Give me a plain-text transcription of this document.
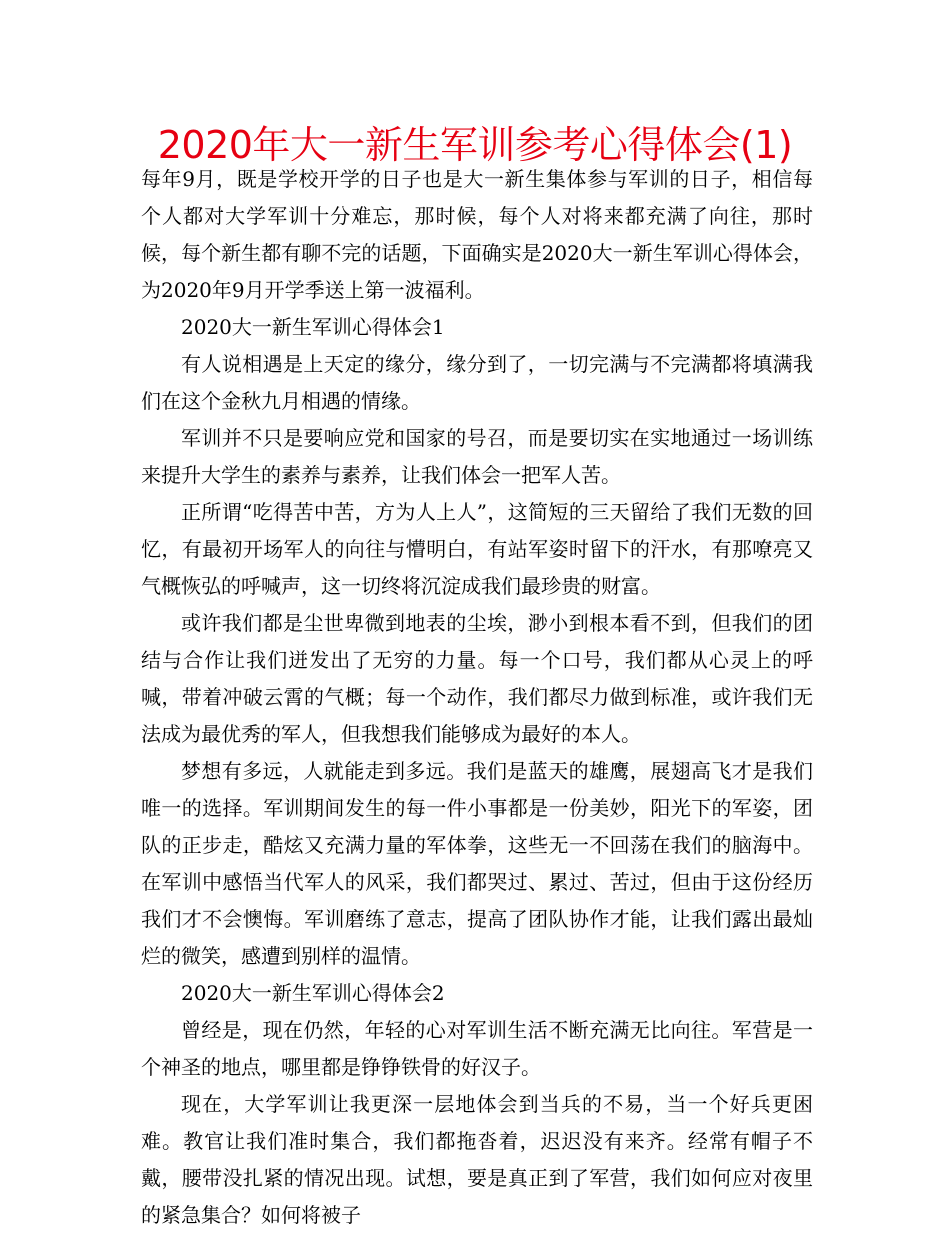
2020年大一新生军训参考心得体会(1)

每年9月，既是学校开学的日子也是大一新生集体参与军训的日子，相信每个人都对大学军训十分难忘，那时候，每个人对将来都充满了向往，那时候，每个新生都有聊不完的话题，下面确实是2020大一新生军训心得体会，为2020年9月开学季送上第一波福利。

2020大一新生军训心得体会1

有人说相遇是上天定的缘分，缘分到了，一切完满与不完满都将填满我们在这个金秋九月相遇的情缘。

军训并不只是要响应党和国家的号召，而是要切实在实地通过一场训练来提升大学生的素养与素养，让我们体会一把军人苦。

正所谓“吃得苦中苦，方为人上人”，这简短的三天留给了我们无数的回忆，有最初开场军人的向往与懵明白，有站军姿时留下的汗水，有那嘹亮又气概恢弘的呼喊声，这一切终将沉淀成我们最珍贵的财富。

或许我们都是尘世卑微到地表的尘埃，渺小到根本看不到，但我们的团结与合作让我们迸发出了无穷的力量。每一个口号，我们都从心灵上的呼喊，带着冲破云霄的气概；每一个动作，我们都尽力做到标准，或许我们无法成为最优秀的军人，但我想我们能够成为最好的本人。

梦想有多远，人就能走到多远。我们是蓝天的雄鹰，展翅高飞才是我们唯一的选择。军训期间发生的每一件小事都是一份美妙，阳光下的军姿，团队的正步走，酷炫又充满力量的军体拳，这些无一不回荡在我们的脑海中。在军训中感悟当代军人的风采，我们都哭过、累过、苦过，但由于这份经历我们才不会懊悔。军训磨练了意志，提高了团队协作才能，让我们露出最灿烂的微笑，感遭到别样的温情。

2020大一新生军训心得体会2

曾经是，现在仍然，年轻的心对军训生活不断充满无比向往。军营是一个神圣的地点，哪里都是铮铮铁骨的好汉子。

现在，大学军训让我更深一层地体会到当兵的不易，当一个好兵更困难。教官让我们准时集合，我们都拖沓着，迟迟没有来齐。经常有帽子不戴，腰带没扎紧的情况出现。试想，要是真正到了军营，我们如何应对夜里的紧急集合？如何将被子
